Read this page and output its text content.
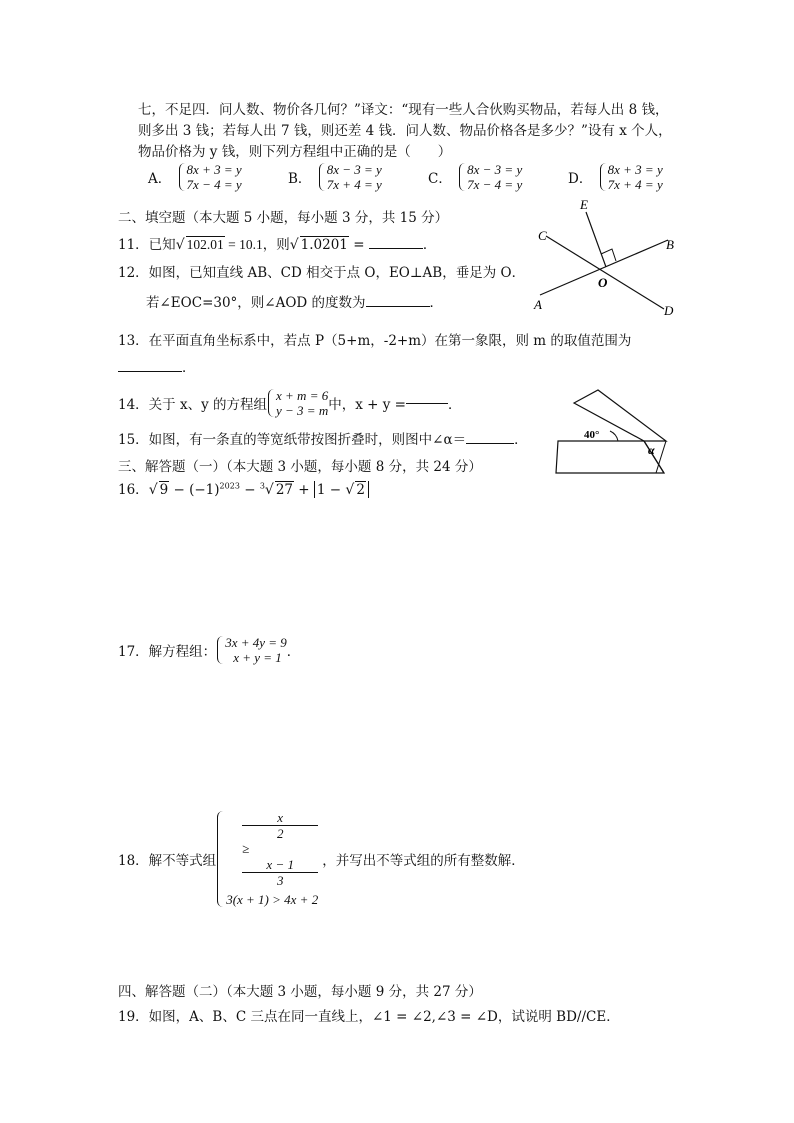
七，不足四．问人数、物价各几何？”译文：“现有一些人合伙购买物品，若每人出 8 钱，
则多出 3 钱；若每人出 7 钱，则还差 4 钱．问人数、物品价格各是多少？”设有 x 个人，
物品价格为 y 钱，则下列方程组中正确的是（　　）
A．
8x + 3 = y
7x − 4 = y	B．
8x − 3 = y
7x + 4 = y	C．
8x − 3 = y
7x − 4 = y	D．
8x + 3 = y
7x + 4 = y
二、填空题（本大题 5 小题，每小题 3 分，共 15 分）
11．已知√ 102.01 = 10.1，则√ 1.0201 =	．
12．如图，已知直线 AB、CD 相交于点 O，EO⊥AB，垂足为 O．
若∠EOC=30°，则∠AOD 的度数为	．
E
C
B
O
A	D
13．在平面直角坐标系中，若点 P（5+m，-2+m）在第一象限，则 m 的取值范围为
．
14．关于 x、y 的方程组
x + m = 6
y − 3 = m 中，x + y =	．
15．如图，有一条直的等宽纸带按图折叠时，则图中∠α＝	．	40°
α
三、解答题（一）（本大题 3 小题，每小题 8 分，共 24 分）
16．√ $9 - (-1)^{2023} - ^3√$ 27 + 1 − √ 2
17．解方程组：
3x + 4y = 9
x + y = 1 ．
18．解不等式组
x
2
≥
x − 1
3
3(x + 1) > 4x + 2
，并写出不等式组的所有整数解．
四、解答题（二）（本大题 3 小题，每小题 9 分，共 27 分）
19．如图，A、B、C 三点在同一直线上，∠1 = ∠2,∠3 = ∠D，试说明 BD//CE．
